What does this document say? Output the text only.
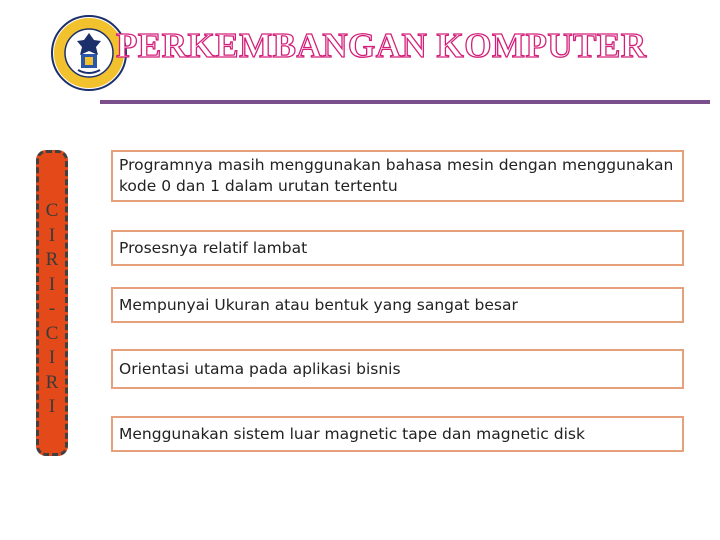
PERKEMBANGAN KOMPUTER
C
I
R
I
-
C
I
R
I
Programnya masih menggunakan bahasa mesin dengan menggunakan kode 0 dan 1 dalam urutan tertentu
Prosesnya relatif lambat
Mempunyai Ukuran atau bentuk yang sangat besar
Orientasi utama pada aplikasi bisnis
Menggunakan sistem luar magnetic tape dan magnetic disk
